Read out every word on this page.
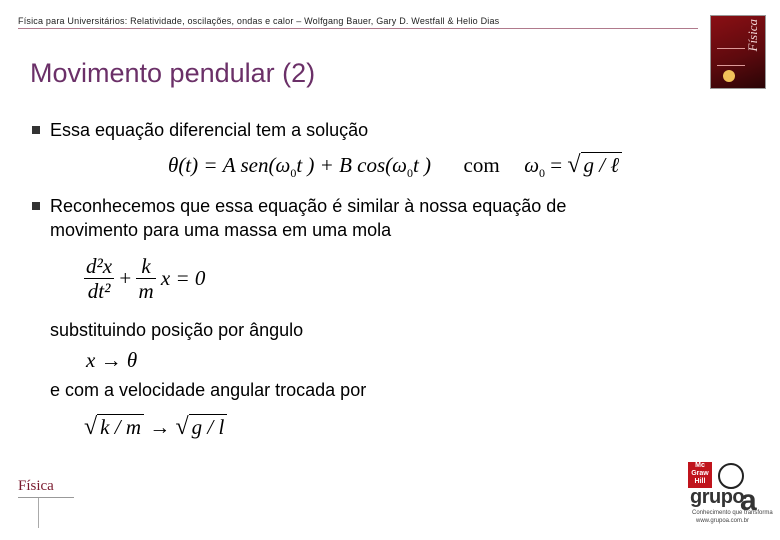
Física para Universitários: Relatividade, oscilações, ondas e calor – Wolfgang Bauer, Gary D. Westfall & Helio Dias	Física
Movimento pendular (2)
Essa equação diferencial tem a solução
θ(t) = A $sen(\omega_0t$ ) + B $\cos(\omega_0t$ ) com $\omega_0$ = √ g / ℓ
Reconhecemos que essa equação é similar à nossa equação de movimento para uma massa em uma mola
$\frac{\text{d²x}}{\text{dt²}} + \frac{k}{m}$ x = 0
substituindo posição por ângulo
x → θ
e com a velocidade angular trocada por
√ k / m → √ g / l
Física
Mc Graw Hill
grupo
a
Conhecimento que transforma
www.grupoa.com.br
